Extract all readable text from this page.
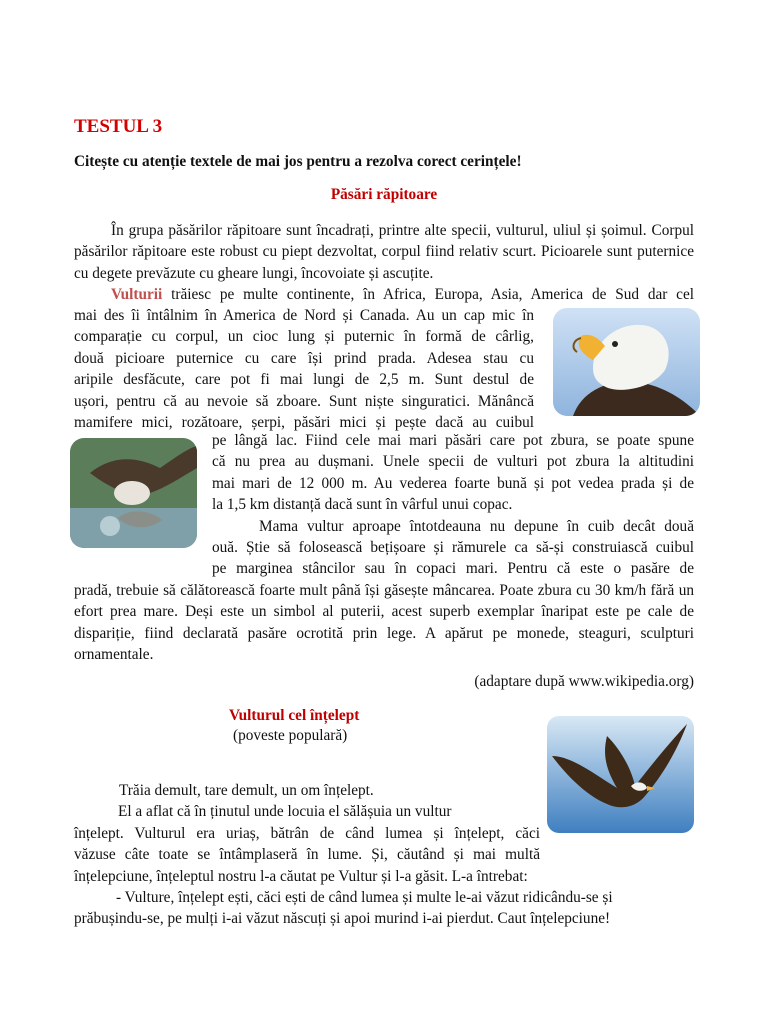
TESTUL 3
Citește cu atenție textele de mai jos pentru a rezolva corect cerințele!
Păsări răpitoare

În grupa păsărilor răpitoare sunt încadrați, printre alte specii, vulturul, uliul și șoimul. Corpul păsărilor răpitoare este robust cu piept dezvoltat, corpul fiind relativ scurt. Picioarele sunt puternice cu degete prevăzute cu gheare lungi, încovoiate și ascuțite.

Vulturii trăiesc pe multe continente, în Africa, Europa, Asia, America de Sud dar cel

mai des îi întâlnim în America de Nord și Canada. Au un cap mic în

comparație cu corpul, un cioc lung și puternic în formă de cârlig,

două picioare puternice cu care își prind prada. Adesea stau cu

aripile desfăcute, care pot fi mai lungi de 2,5 m. Sunt destul de

ușori, pentru că au nevoie să zboare. Sunt niște singuratici. Mănâncă

mamifere mici, rozătoare, șerpi, păsări mici și pește dacă au cuibul

pe lângă lac. Fiind cele mai mari păsări care pot zbura, se poate spune

că nu prea au dușmani. Unele specii de vulturi pot zbura la altitudini

mai mari de 12 000 m. Au vederea foarte bună și pot vedea prada și de

la 1,5 km distanță dacă sunt în vârful unui copac.

Mama vultur aproape întotdeauna nu depune în cuib decât două

ouă. Știe să folosească bețișoare și rămurele ca să-și construiască cuibul

pe marginea stâncilor sau în copaci mari. Pentru că este o pasăre de

pradă, trebuie să călătorească foarte mult până își găsește mâncarea. Poate zbura cu 30 km/h fără un efort prea mare. Deși este un simbol al puterii, acest superb exemplar înaripat este pe cale de dispariție, fiind declarată pasăre ocrotită prin lege. A apărut pe monede, steaguri, sculpturi ornamentale.

(adaptare după www.wikipedia.org)
Vulturul cel înțelept
(poveste populară)

Trăia demult, tare demult, un om înțelept.

El a aflat că în ținutul unde locuia el sălășuia un vultur

înțelept. Vulturul era uriaș, bătrân de când lumea și înțelept, căci

văzuse câte toate se întâmplaseră în lume. Și, căutând și mai multă

înțelepciune, înțeleptul nostru l-a căutat pe Vultur și l-a găsit. L-a întrebat:

- Vulture, înțelept ești, căci ești de când lumea și multe le-ai văzut ridicându-se și

prăbușindu-se, pe mulți i-ai văzut născuți și apoi murind i-ai pierdut. Caut înțelepciune!
